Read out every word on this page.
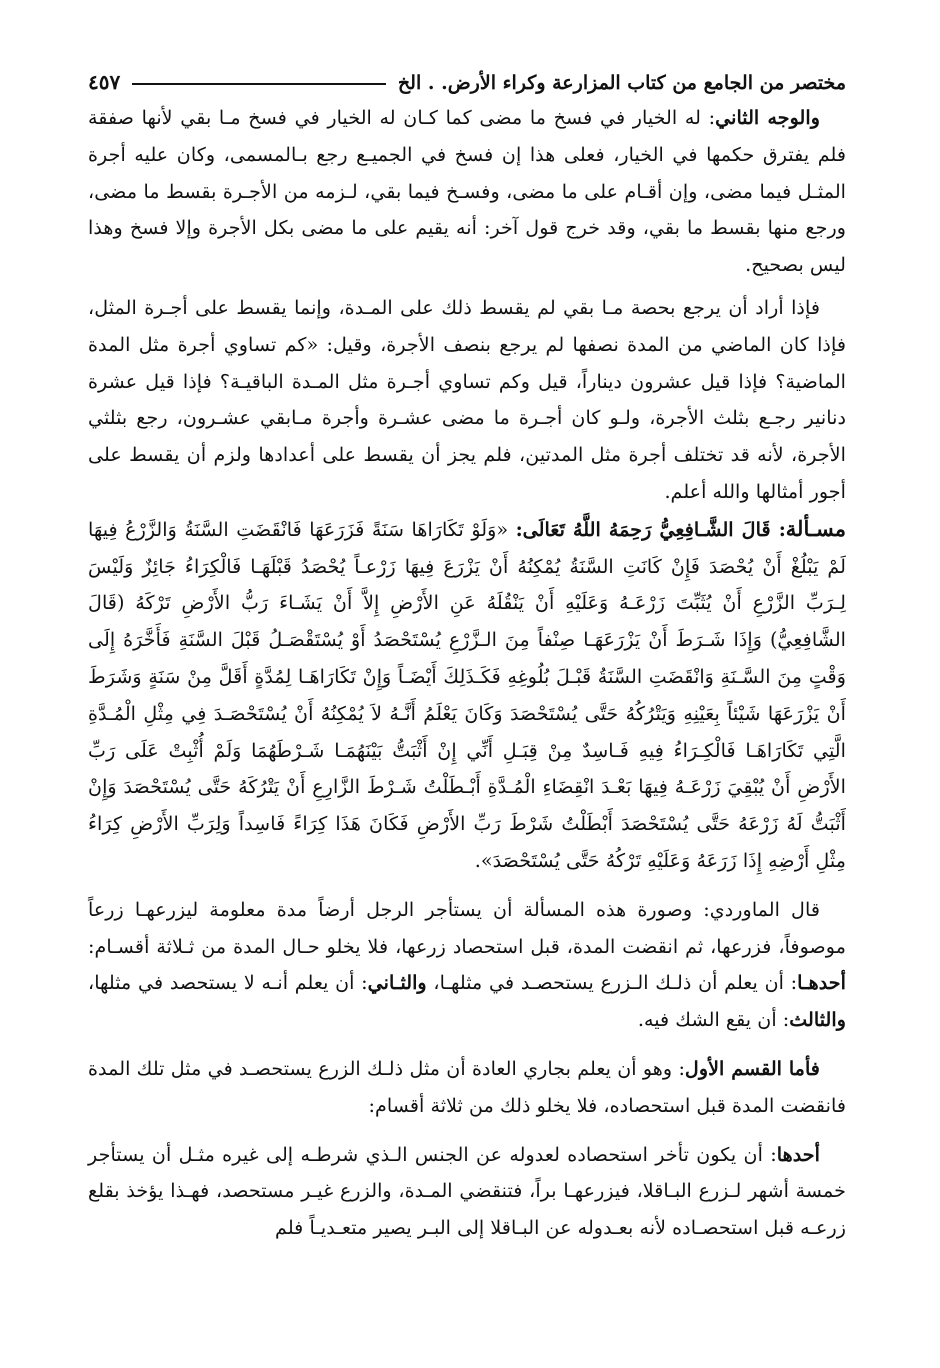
مختصر من الجامع من كتاب المزارعة وكراء الأرض. . الخ
٤٥٧

والوجه الثاني: له الخيار في فسخ ما مضى كما كـان له الخيار في فسخ مـا بقي لأنها صفقة فلم يفترق حكمها في الخيار، فعلى هذا إن فسخ في الجميـع رجع بـالمسمى، وكان عليه أجرة المثـل فيما مضى، وإن أقـام على ما مضى، وفسـخ فيما بقي، لـزمه من الأجـرة بقسط ما مضى، ورجع منها بقسط ما بقي، وقد خرج قول آخر: أنه يقيم على ما مضى بكل الأجرة وإلا فسخ وهذا ليس بصحيح.

فإذا أراد أن يرجع بحصة مـا بقي لم يقسط ذلك على المـدة، وإنما يقسط على أجـرة المثل، فإذا كان الماضي من المدة نصفها لم يرجع بنصف الأجرة، وقيل: «كم تساوي أجرة مثل المدة الماضية؟ فإذا قيل عشرون ديناراً، قيل وكم تساوي أجـرة مثل المـدة الباقيـة؟ فإذا قيل عشرة دنانير رجـع بثلث الأجرة، ولـو كان أجـرة ما مضى عشـرة وأجرة مـابقي عشـرون، رجع بثلثي الأجرة، لأنه قد تختلف أجرة مثل المدتين، فلم يجز أن يقسط على أعدادها ولزم أن يقسط على أجور أمثالها والله أعلم.

مسـألة: قَالَ الشَّـافِعِيُّ رَحِمَهُ اللَّهُ تَعَالَى: «وَلَوْ تَكَارَاهَا سَنَةً فَزَرَعَهَا فَانْقَضَتِ السَّنَةُ وَالزَّرْعُ فِيهَا لَمْ يَبْلُغْ أَنْ يُحْصَدَ فَإِنْ كَانَتِ السَّنَةُ يُمْكِنُهُ أَنْ يَزْرَعَ فِيهَا زَرْعـاً يُحْصَدُ قَبْلَهَـا فَالْكِرَاءُ جَائِزٌ وَلَيْسَ لِـرَبِّ الزَّرْعِ أَنْ يُثَبِّتَ زَرْعَـهُ وَعَلَيْهِ أَنْ يَنْقُلَهُ عَنِ الأَرْضِ إِلاَّ أَنْ يَشَـاءَ رَبُّ الأَرْضِ تَرْكَهُ (قَالَ الشَّافِعِيُّ) وَإِذَا شَـرَطَ أَنْ يَزْرَعَهَـا صِنْفاً مِنَ الـزَّرْعِ يُسْتَحْصَدُ أَوْ يُسْتَقْصَـلُ قَبْلَ السَّنَةِ فَأَخَّرَهُ إِلَى وَقْتٍ مِنَ السَّـنَةِ وَانْقَضَتِ السَّنَةُ قَبْـلَ بُلُوغِهِ فَكَـذَلِكَ أَيْضَـاً وَإِنْ تَكَارَاهَـا لِمُدَّةٍ أَقَلَّ مِنْ سَنَةٍ وَشَرَطَ أَنْ يَزْرَعَهَا شَيْئاً بِعَيْنِهِ وَيَتْرُكُهُ حَتَّى يُسْتَحْصَدَ وَكَانَ يَعْلَمُ أَنَّـهُ لاَ يُمْكِنُهُ أَنْ يُسْتَحْصَـدَ فِي مِثْلِ الْمُـدَّةِ الَّتِي تَكَارَاهَـا فَالْكِـرَاءُ فِيهِ فَـاسِدٌ مِنْ قِبَـلِ أَنِّي إِنْ أَثْبَتُّ بَيْنَهُمَـا شَـرْطَهُمَا وَلَمْ أُثْبِتْ عَلَى رَبِّ الأَرْضِ أَنْ يُبْقِيَ زَرْعَـهُ فِيهَا بَعْـدَ انْقِضَاءِ الْمُـدَّةِ أَبْـطَلْتُ شَـرْطَ الزَّارِعِ أَنْ يَتْرُكَهُ حَتَّى يُسْتَحْصَدَ وَإِنْ أَثْبَتُّ لَهُ زَرْعَهُ حَتَّى يُسْتَحْصَدَ أَبْطَلْتُ شَرْطَ رَبِّ الأَرْضِ فَكَانَ هَذَا كِرَاءً فَاسِداً وَلِرَبِّ الأَرْضِ كِرَاءُ مِثْلِ أَرْضِهِ إِذَا زَرَعَهُ وَعَلَيْهِ تَرْكُهُ حَتَّى يُسْتَحْصَدَ».

قال الماوردي: وصورة هذه المسألة أن يستأجر الرجل أرضاً مدة معلومة ليزرعهـا زرعاً موصوفاً، فزرعها، ثم انقضت المدة، قبل استحصاد زرعها، فلا يخلو حـال المدة من ثـلاثة أقسـام: أحدهـا: أن يعلم أن ذلـك الـزرع يستحصـد في مثلهـا، والثـاني: أن يعلم أنـه لا يستحصد في مثلها، والثالث: أن يقع الشك فيه.

فأما القسم الأول: وهو أن يعلم بجاري العادة أن مثل ذلـك الزرع يستحصـد في مثل تلك المدة فانقضت المدة قبل استحصاده، فلا يخلو ذلك من ثلاثة أقسام:

أحدها: أن يكون تأخر استحصاده لعدوله عن الجنس الـذي شرطـه إلى غيره مثـل أن يستأجر خمسة أشهر لـزرع البـاقلا، فيزرعهـا براً، فتنقضي المـدة، والزرع غيـر مستحصد، فهـذا يؤخذ بقلع زرعـه قبل استحصـاده لأنه بعـدوله عن البـاقلا إلى البـر يصير متعـديـاً فلم
